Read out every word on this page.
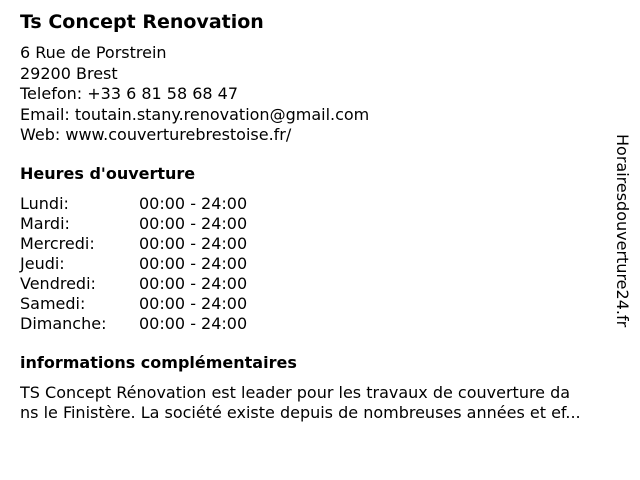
Ts Concept Renovation
6 Rue de Porstrein
29200 Brest
Telefon: +33 6 81 58 68 47
Email: toutain.stany.renovation@gmail.com
Web: www.couverturebrestoise.fr/
Heures d'ouverture
Lundi:	00:00 - 24:00
Mardi:	00:00 - 24:00
Mercredi:	00:00 - 24:00
Jeudi:	00:00 - 24:00
Vendredi:	00:00 - 24:00
Samedi:	00:00 - 24:00
Dimanche: 00:00 - 24:00
informations complémentaires
TS Concept Rénovation est leader pour les travaux de couverture da
ns le Finistère. La société existe depuis de nombreuses années et ef...
Horairesdouverture24.fr
